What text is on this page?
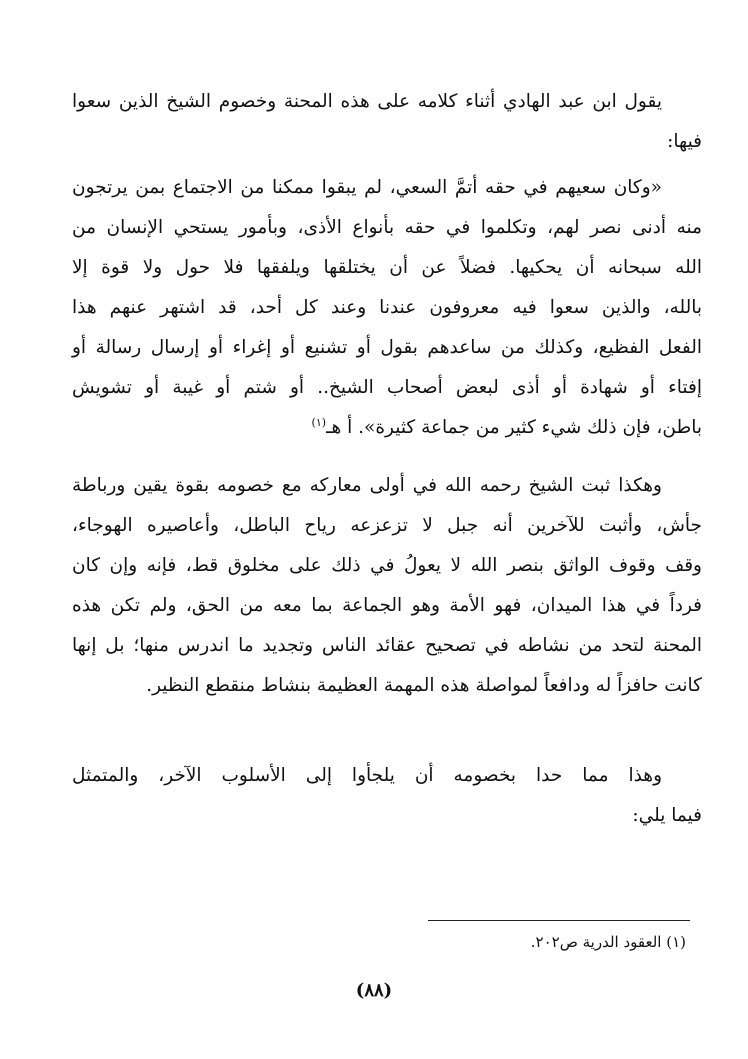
يقول ابن عبد الهادي أثناء كلامه على هذه المحنة وخصوم الشيخ الذين سعوا
فيها:
«وكان سعيهم في حقه أتمَّ السعي، لم يبقوا ممكنا من الاجتماع بمن يرتجون
منه أدنى نصر لهم، وتكلموا في حقه بأنواع الأذى، وبأمور يستحي الإنسان من
الله سبحانه أن يحكيها. فضلاً عن أن يختلقها ويلفقها فلا حول ولا قوة إلا
بالله، والذين سعوا فيه معروفون عندنا وعند كل أحد، قد اشتهر عنهم هذا
الفعل الفظيع، وكذلك من ساعدهم بقول أو تشنيع أو إغراء أو إرسال رسالة أو
إفتاء أو شهادة أو أذى لبعض أصحاب الشيخ.. أو شتم أو غيبة أو تشويش
باطن، فإن ذلك شيء كثير من جماعة كثيرة». أ هـ$^{(١)}$
وهكذا ثبت الشيخ رحمه الله في أولى معاركه مع خصومه بقوة يقين ورباطة
جأش، وأثبت للآخرين أنه جبل لا تزعزعه رياح الباطل، وأعاصيره الهوجاء،
وقف وقوف الواثق بنصر الله لا يعولُ في ذلك على مخلوق قط، فإنه وإن كان
فرداً في هذا الميدان، فهو الأمة وهو الجماعة بما معه من الحق، ولم تكن هذه
المحنة لتحد من نشاطه في تصحيح عقائد الناس وتجديد ما اندرس منها؛ بل إنها
كانت حافزاً له ودافعاً لمواصلة هذه المهمة العظيمة بنشاط منقطع النظير.
وهذا مما حدا بخصومه أن يلجأوا إلى الأسلوب الآخر، والمتمثل
فيما يلي:
(١) العقود الدرية ص٢٠٢.
(٨٨)
